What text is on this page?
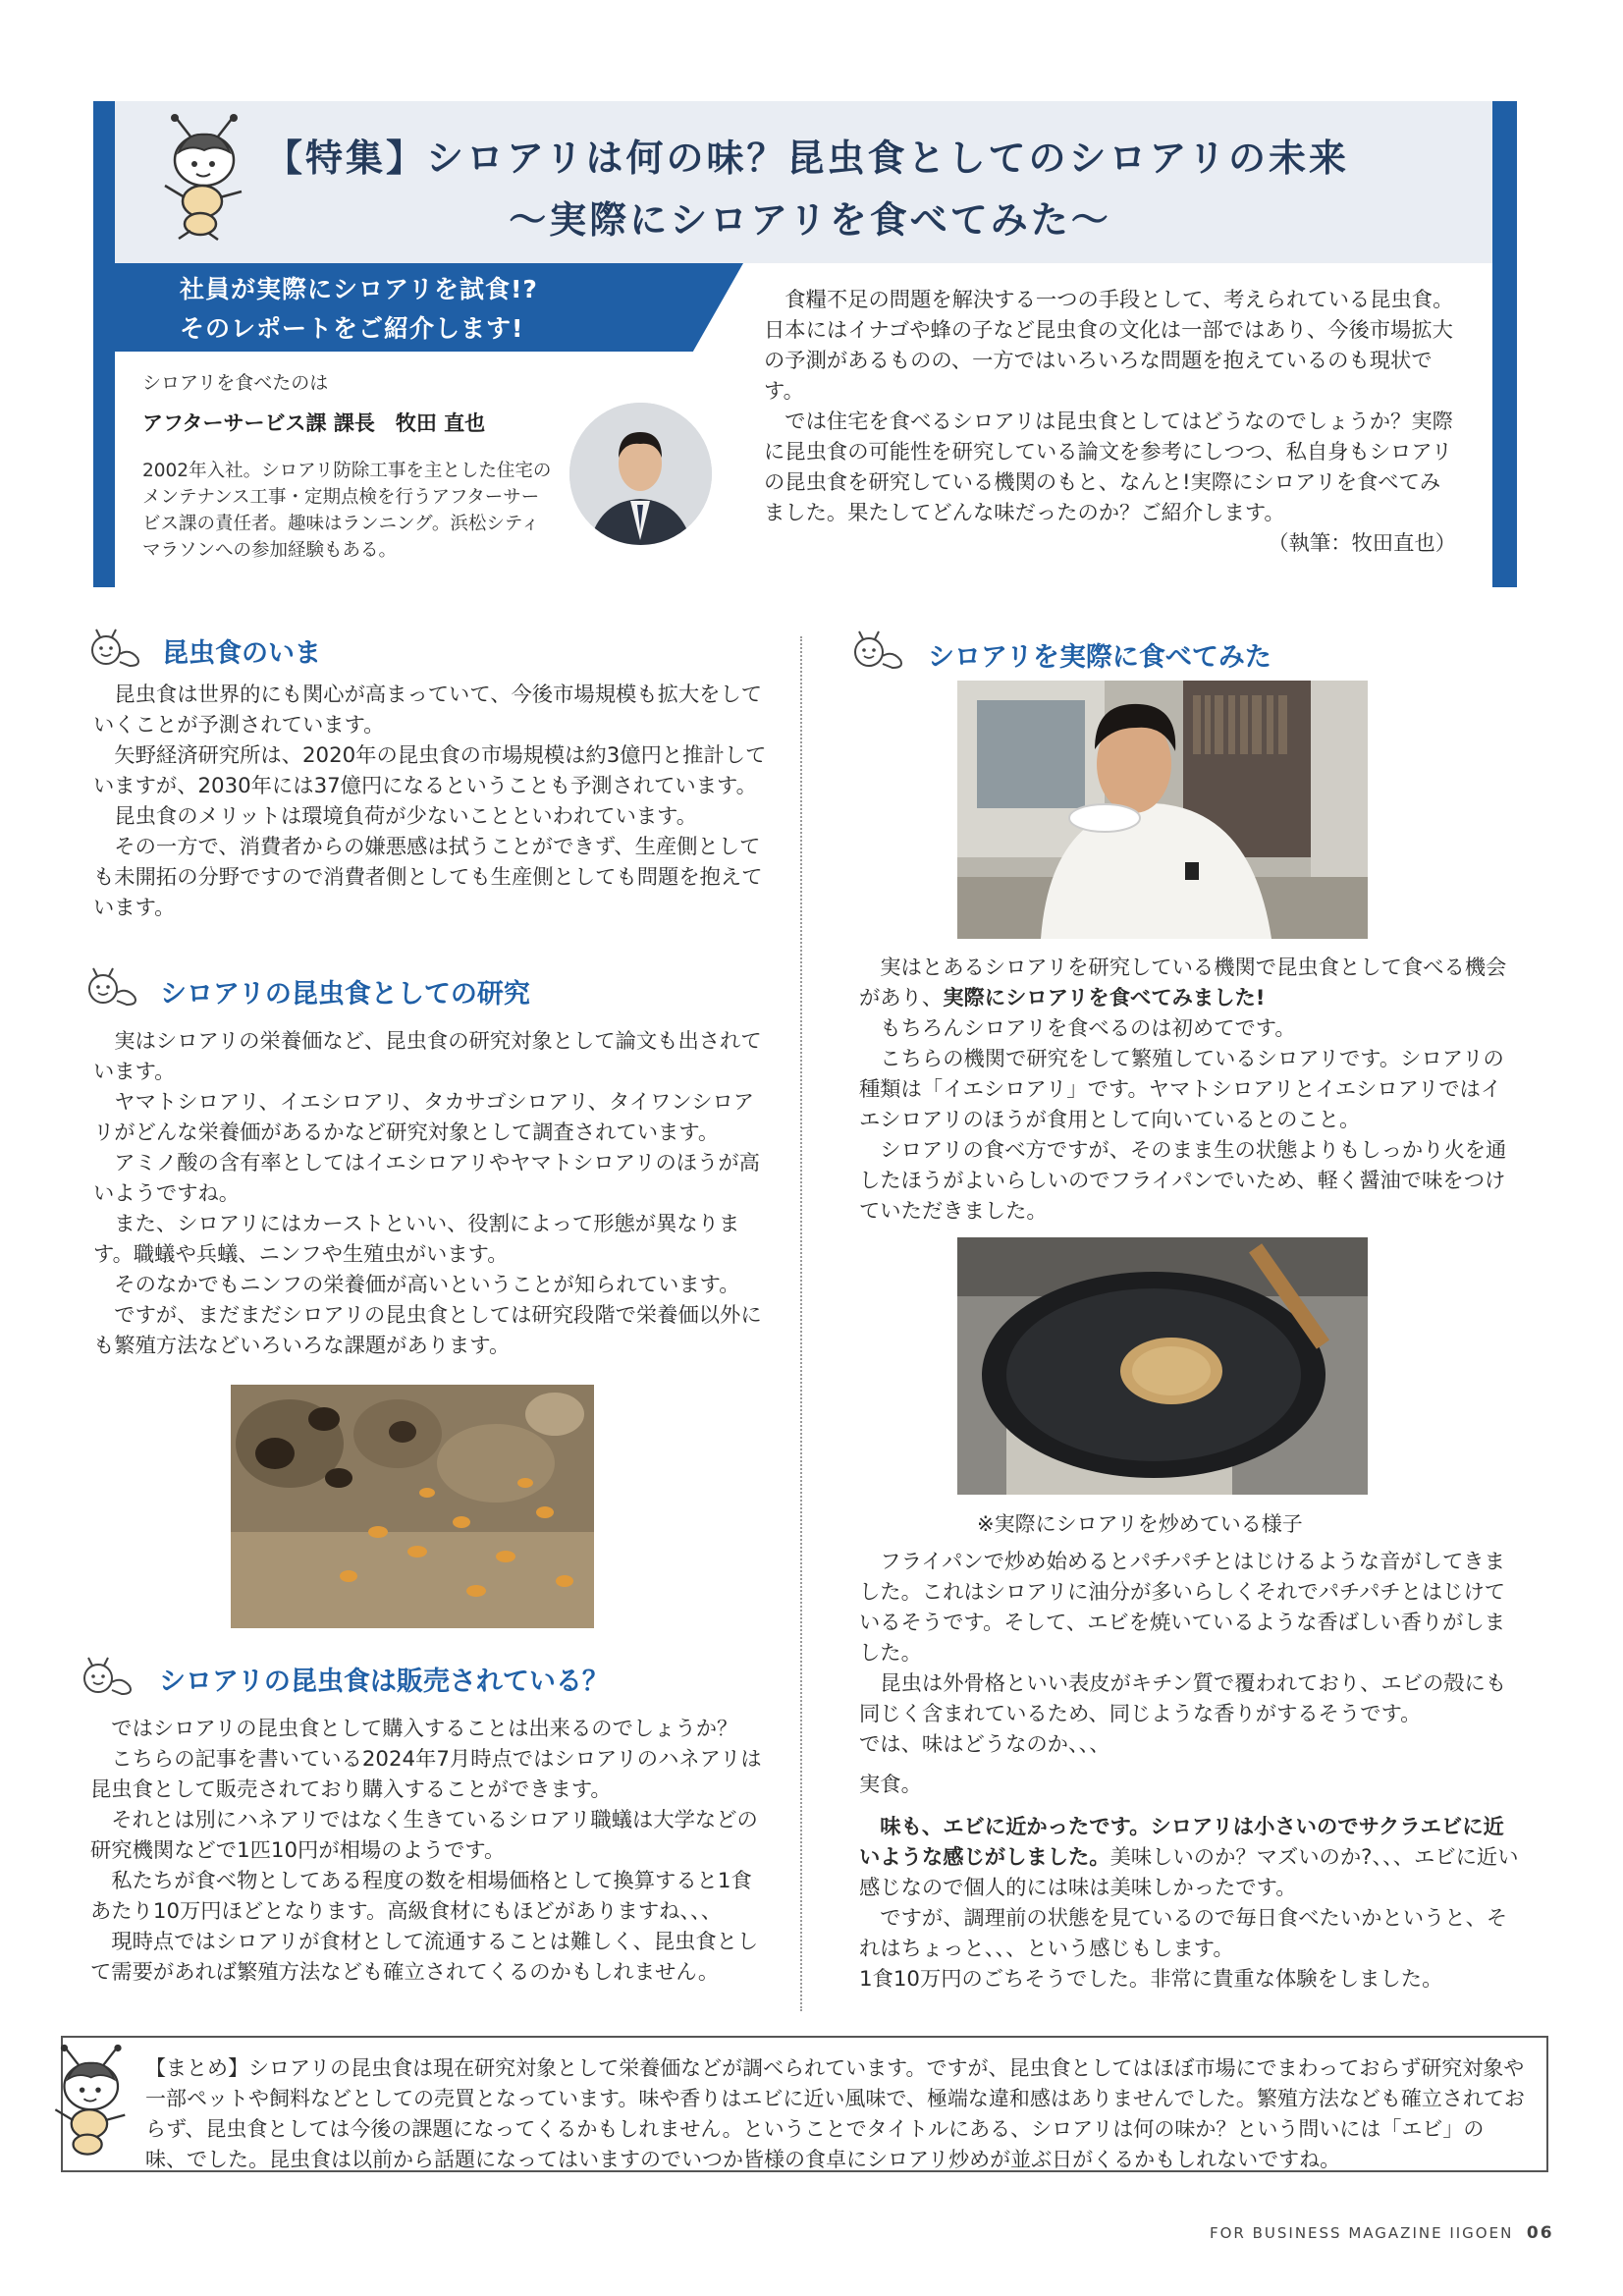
【特集】シロアリは何の味？昆虫食としてのシロアリの未来
〜実際にシロアリを食べてみた〜
社員が実際にシロアリを試食!?
そのレポートをご紹介します!
シロアリを食べたのは
アフターサービス課 課長　牧田 直也
2002年入社。シロアリ防除工事を主とした住宅のメンテナンス工事・定期点検を行うアフターサービス課の責任者。趣味はランニング。浜松シティマラソンへの参加経験もある。

食糧不足の問題を解決する一つの手段として、考えられている昆虫食。日本にはイナゴや蜂の子など昆虫食の文化は一部ではあり、今後市場拡大の予測があるものの、一方ではいろいろな問題を抱えているのも現状です。

では住宅を食べるシロアリは昆虫食としてはどうなのでしょうか？実際に昆虫食の可能性を研究している論文を参考にしつつ、私自身もシロアリの昆虫食を研究している機関のもと、なんと!実際にシロアリを食べてみました。果たしてどんな味だったのか？ご紹介します。

（執筆：牧田直也）

昆虫食のいま

昆虫食は世界的にも関心が高まっていて、今後市場規模も拡大をしていくことが予測されています。

矢野経済研究所は、2020年の昆虫食の市場規模は約3億円と推計していますが、2030年には37億円になるということも予測されています。

昆虫食のメリットは環境負荷が少ないことといわれています。

その一方で、消費者からの嫌悪感は拭うことができず、生産側としても未開拓の分野ですので消費者側としても生産側としても問題を抱えています。

シロアリの昆虫食としての研究

実はシロアリの栄養価など、昆虫食の研究対象として論文も出されています。

ヤマトシロアリ、イエシロアリ、タカサゴシロアリ、タイワンシロアリがどんな栄養価があるかなど研究対象として調査されています。

アミノ酸の含有率としてはイエシロアリやヤマトシロアリのほうが高いようですね。

また、シロアリにはカーストといい、役割によって形態が異なります。職蟻や兵蟻、ニンフや生殖虫がいます。

そのなかでもニンフの栄養価が高いということが知られています。

ですが、まだまだシロアリの昆虫食としては研究段階で栄養価以外にも繁殖方法などいろいろな課題があります。

シロアリの昆虫食は販売されている？

ではシロアリの昆虫食として購入することは出来るのでしょうか？

こちらの記事を書いている2024年7月時点ではシロアリのハネアリは昆虫食として販売されており購入することができます。

それとは別にハネアリではなく生きているシロアリ職蟻は大学などの研究機関などで1匹10円が相場のようです。

私たちが食べ物としてある程度の数を相場価格として換算すると1食あたり10万円ほどとなります。高級食材にもほどがありますね、、、

現時点ではシロアリが食材として流通することは難しく、昆虫食として需要があれば繁殖方法なども確立されてくるのかもしれません。

シロアリを実際に食べてみた

実はとあるシロアリを研究している機関で昆虫食として食べる機会があり、実際にシロアリを食べてみました!

もちろんシロアリを食べるのは初めてです。

こちらの機関で研究をして繁殖しているシロアリです。シロアリの種類は「イエシロアリ」です。ヤマトシロアリとイエシロアリではイエシロアリのほうが食用として向いているとのこと。

シロアリの食べ方ですが、そのまま生の状態よりもしっかり火を通したほうがよいらしいのでフライパンでいため、軽く醤油で味をつけていただきました。

※実際にシロアリを炒めている様子

フライパンで炒め始めるとパチパチとはじけるような音がしてきました。これはシロアリに油分が多いらしくそれでパチパチとはじけているそうです。そして、エビを焼いているような香ばしい香りがしました。

昆虫は外骨格といい表皮がキチン質で覆われており、エビの殻にも同じく含まれているため、同じような香りがするそうです。

では、味はどうなのか、、、

実食。

味も、エビに近かったです。シロアリは小さいのでサクラエビに近いような感じがしました。美味しいのか？マズいのか?、、、エビに近い感じなので個人的には味は美味しかったです。

ですが、調理前の状態を見ているので毎日食べたいかというと、それはちょっと、、、という感じもします。

1食10万円のごちそうでした。非常に貴重な体験をしました。

【まとめ】シロアリの昆虫食は現在研究対象として栄養価などが調べられています。ですが、昆虫食としてはほぼ市場にでまわっておらず研究対象や一部ペットや飼料などとしての売買となっています。味や香りはエビに近い風味で、極端な違和感はありませんでした。繁殖方法なども確立されておらず、昆虫食としては今後の課題になってくるかもしれません。ということでタイトルにある、シロアリは何の味か？という問いには「エビ」の味、でした。昆虫食は以前から話題になってはいますのでいつか皆様の食卓にシロアリ炒めが並ぶ日がくるかもしれないですね。
FOR BUSINESS MAGAZINE IIGOEN 06
